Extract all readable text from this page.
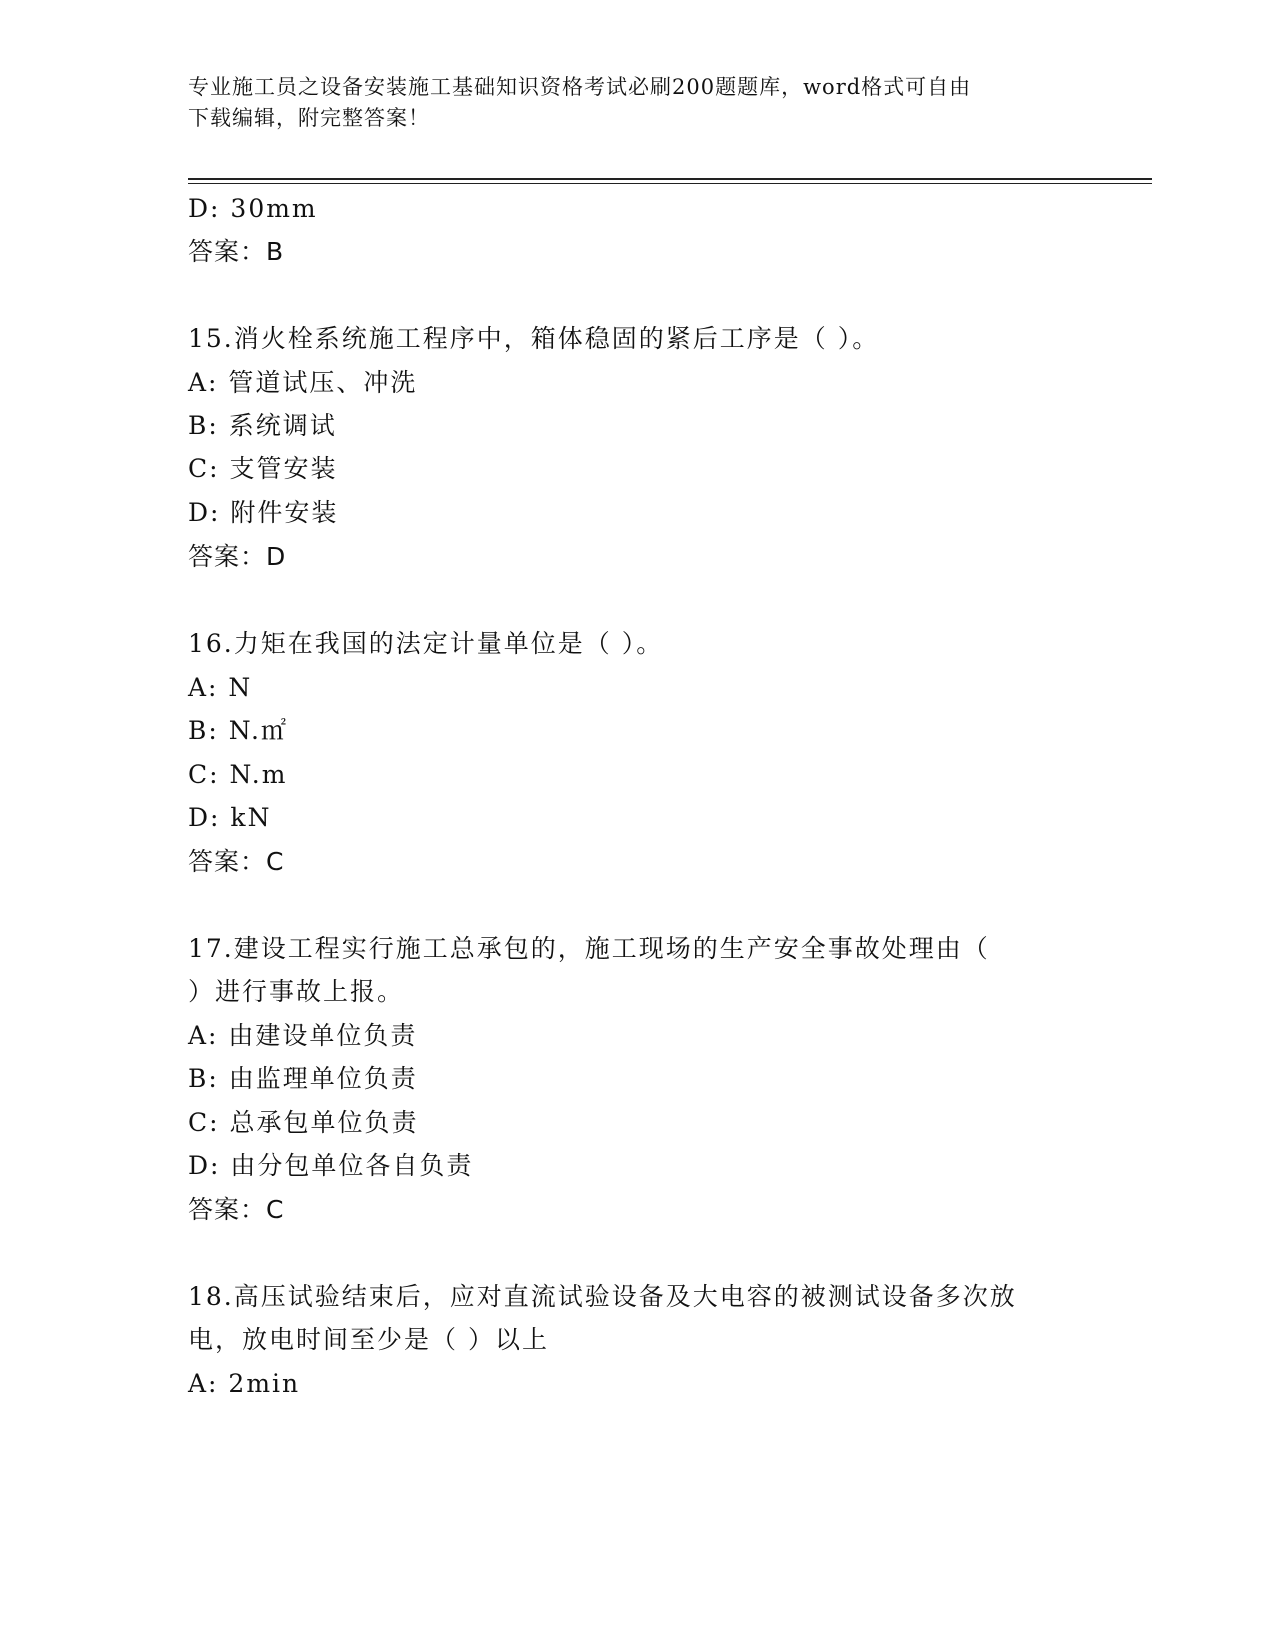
专业施工员之设备安装施工基础知识资格考试必刷200题题库，word格式可自由
下载编辑，附完整答案！
D: 30mm
答案：B
15.消火栓系统施工程序中，箱体稳固的紧后工序是（ ）。
A: 管道试压、冲洗
B: 系统调试
C: 支管安装
D: 附件安装
答案：D
16.力矩在我国的法定计量单位是（ ）。
A: N
B: N.㎡
C: N.m
D: kN
答案：C
17.建设工程实行施工总承包的，施工现场的生产安全事故处理由（
）进行事故上报。
A: 由建设单位负责
B: 由监理单位负责
C: 总承包单位负责
D: 由分包单位各自负责
答案：C
18.高压试验结束后，应对直流试验设备及大电容的被测试设备多次放
电，放电时间至少是（ ）以上
A: 2min
